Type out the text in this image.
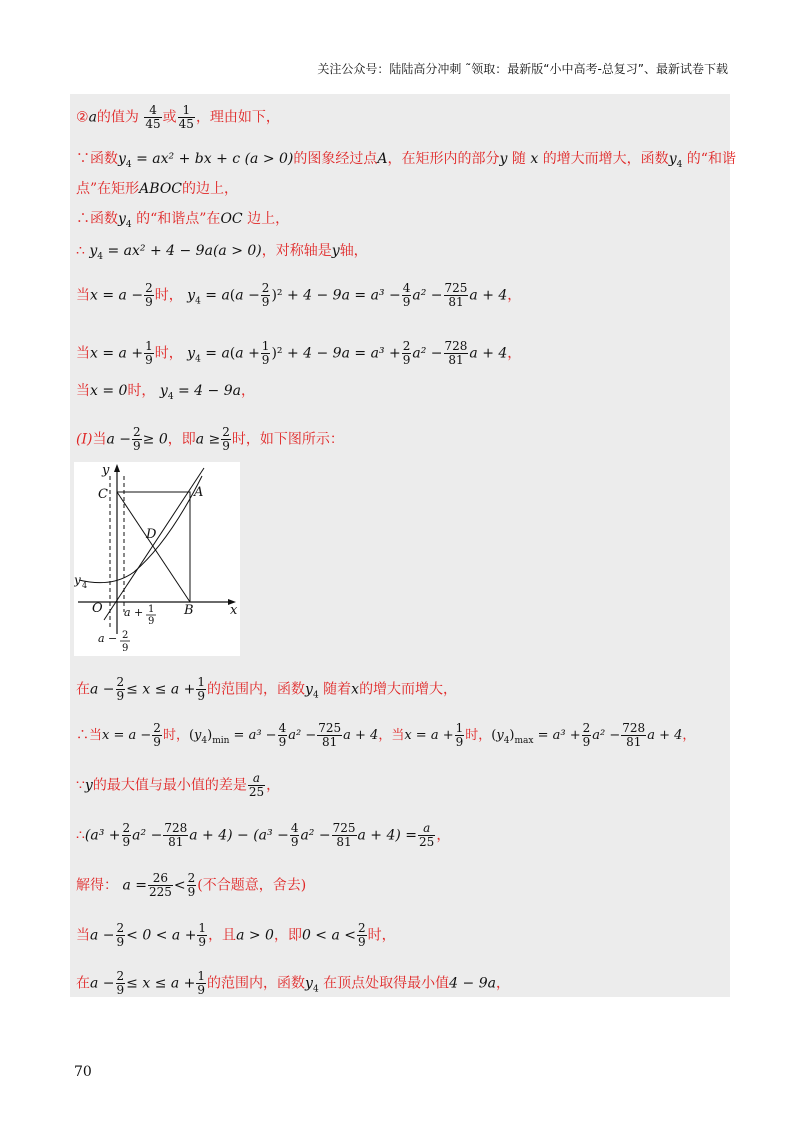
关注公众号：陆陆高分冲刺 ˜领取：最新版“小中高考-总复习”、最新试卷下载
②a的值为 $\frac{4}{45}$ 或 $\frac{1}{45}$ ，理由如下，
∵函数$y_4 = ax^2$ + bx + c (a > 0)的图象经过点A，在矩形内的部分y 随 x 的增大而增大，函数$y_4$ 的“和谐
点”在矩形ABOC的边上，
∴函数$y_4$ 的“和谐点”在OC 边上，
∴ $y_4 = ax^2 + 4 - 9a(a > 0)$，对称轴是y轴，
当$x = a - \frac{2}{9}$ 时， $y_4 = a(a - \frac{2}{9} )^2 + 4 - 9a = a^3 - \frac{4}{9} a^2 - \frac{725}{81}$ a + 4，
当$x = a + \frac{1}{9}$ 时， $y_4 = a(a + \frac{1}{9} )^2 + 4 - 9a = a^3 + \frac{2}{9} a^2 - \frac{728}{81}$ a + 4，
当x = 0时， $y_4 = 4 - 9a$，
(Ⅰ)当$a - \frac{2}{9} \ge 0$，即$a \ge \frac{2}{9}$ 时，如下图所示：
y
x
C	A
D
O	B
y 4
a + 1
9
a − 2
9
在$a - \frac{2}{9} \le x \le a + \frac{1}{9}$ 的范围内，函数$y_4$ 随着x的增大而增大，
∴当$x = a - \frac{2}{9}$ 时，$(y_4)_{min} = a^3 - \frac{4}{9} a^2 - \frac{725}{81}$ a + 4，当$x = a + \frac{1}{9}$ 时，$(y_4)_{max} = a^3 + \frac{2}{9} a^2 - \frac{728}{81}$ a + 4，
∵y的最大值与最小值的差是 $\frac{a}{25}$ ，
∴(a³ + $\frac{2}{9} a^2 - \frac{728}{81}$ $a + 4) - (a^3 - \frac{4}{9} a^2 - \frac{725}{81}$ $a + 4) = \frac{a}{25}$ ，
解得： $a = \frac{26}{225} < \frac{2}{9}$ (不合题意，舍去)
当$a - \frac{2}{9} < 0 < a + \frac{1}{9}$ ，且a > 0，即$0 < a < \frac{2}{9}$ 时，
在$a - \frac{2}{9} \le x \le a + \frac{1}{9}$ 的范围内，函数$y_4$ 在顶点处取得最小值4 − 9a，
70
